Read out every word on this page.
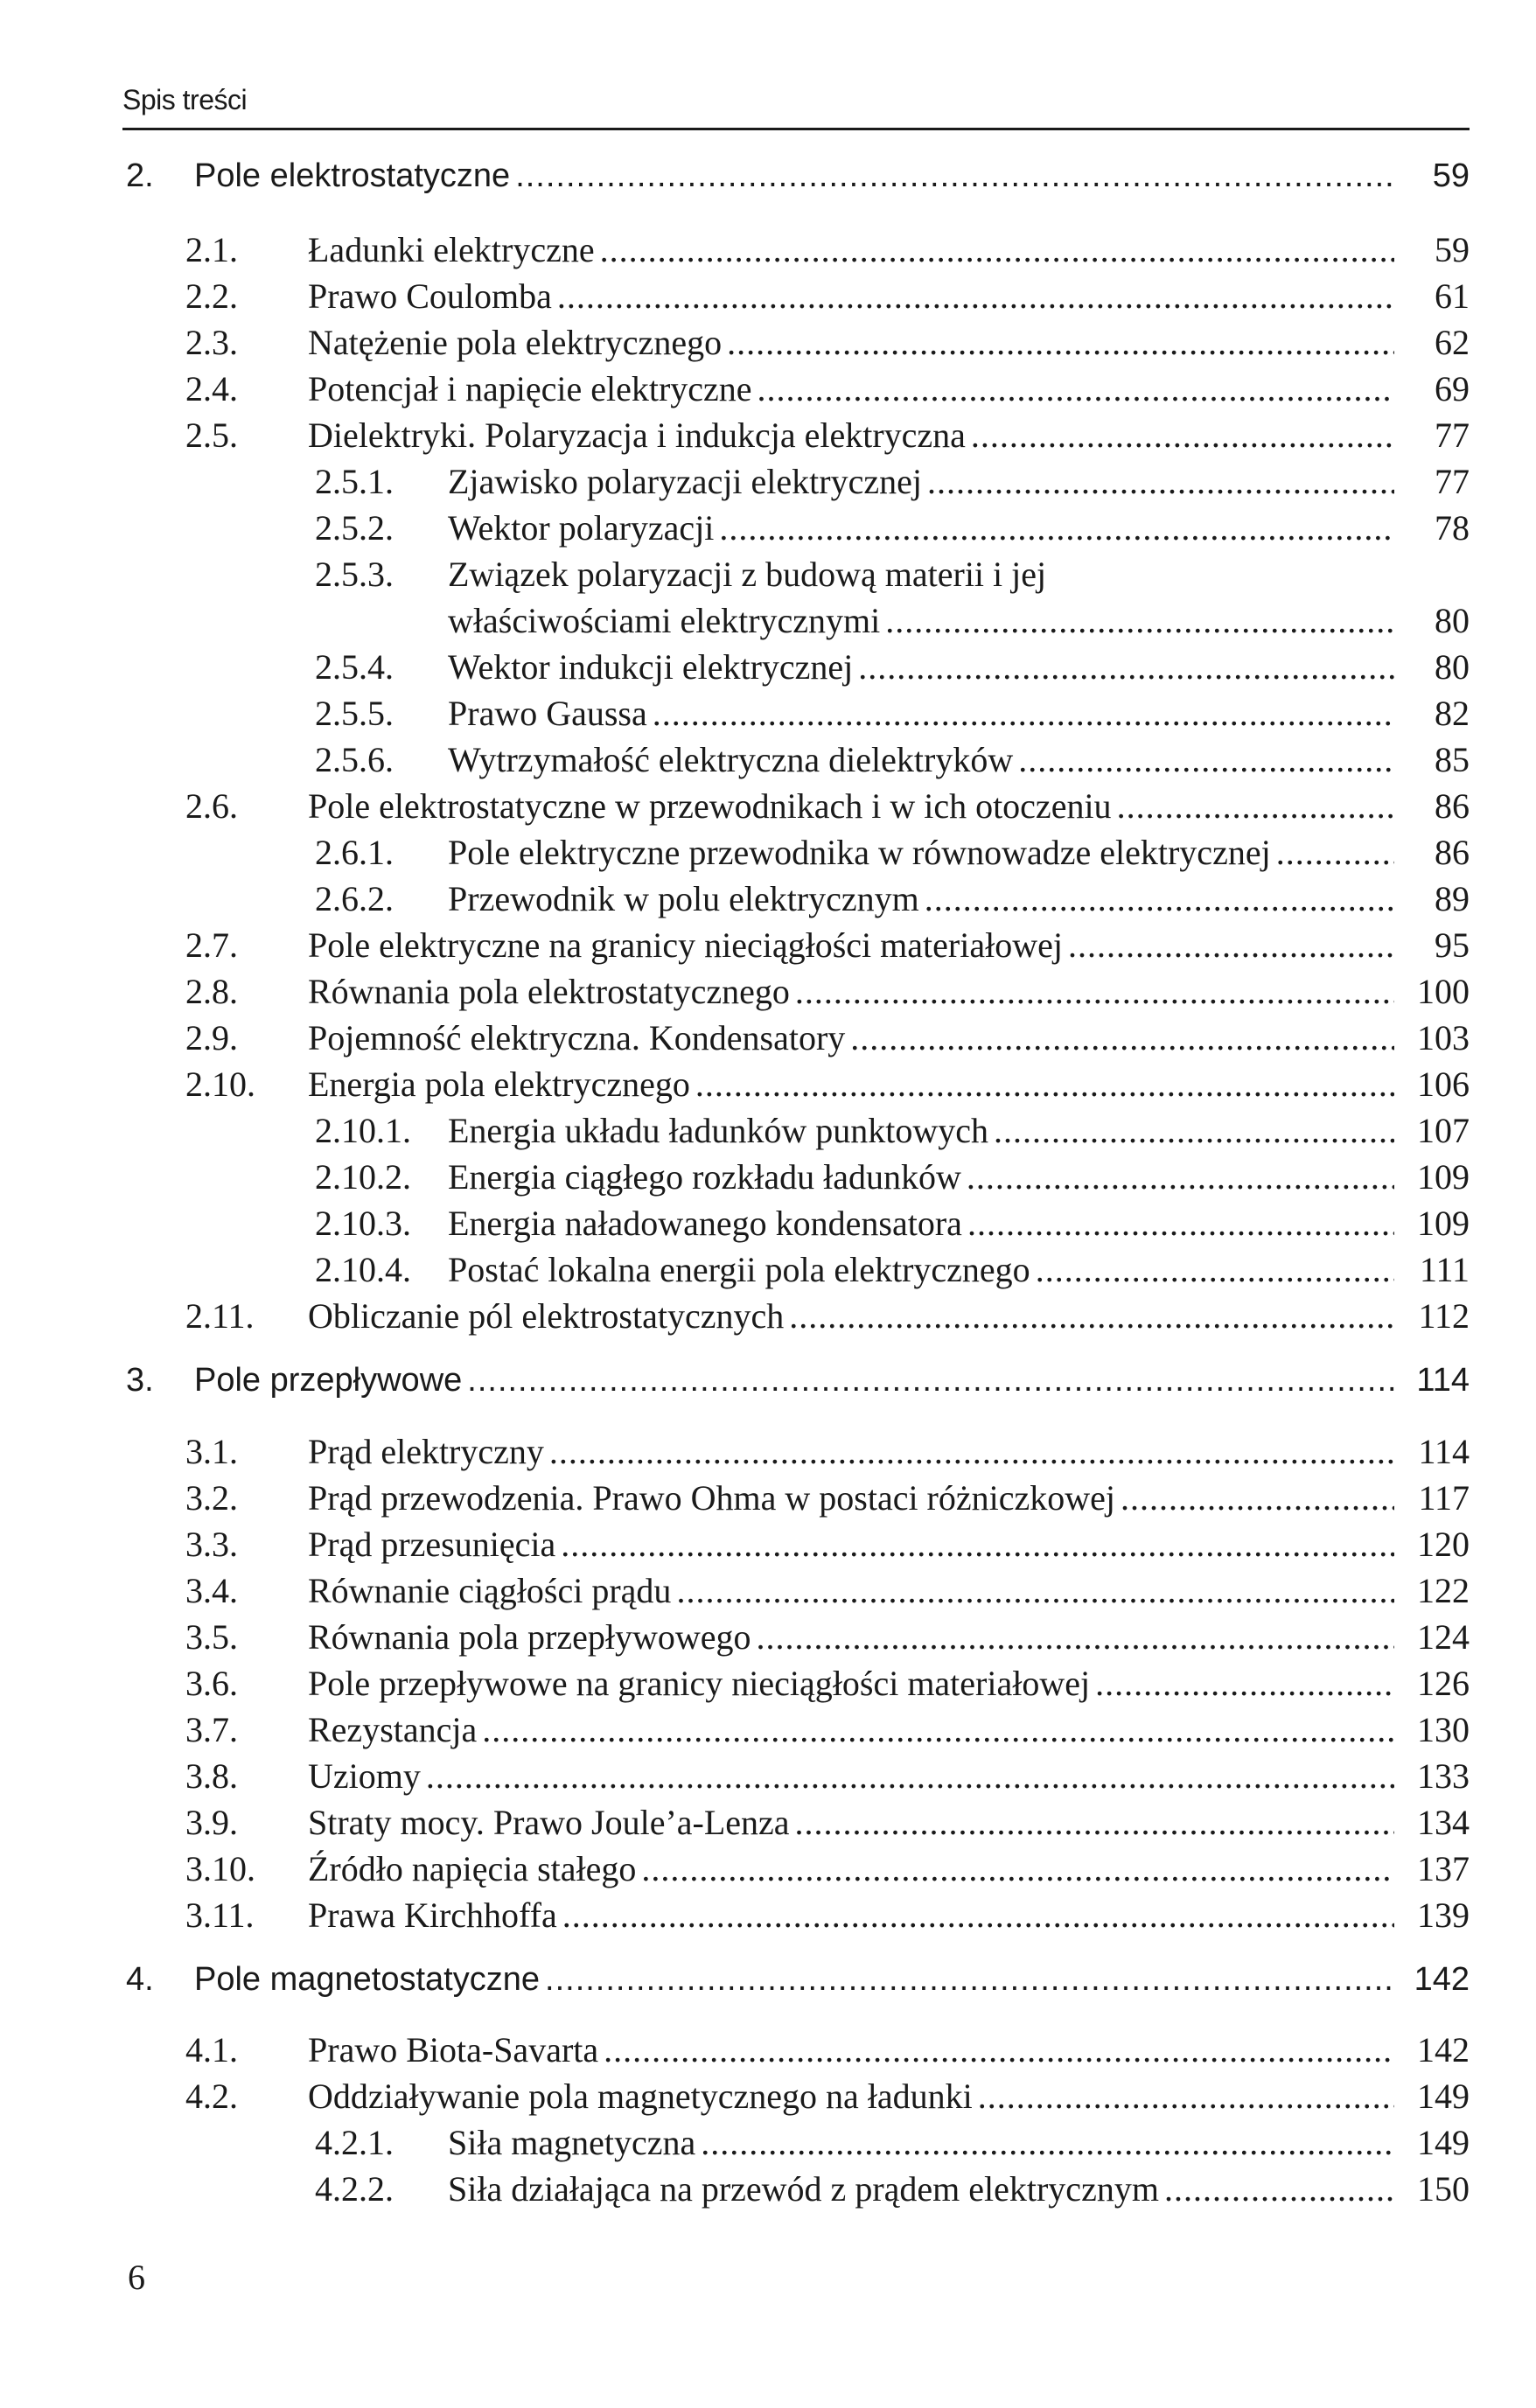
Spis treści
2.	Pole elektrostatyczne .....	59
2.1.	Ładunki elektryczne .....	59
2.2.	Prawo Coulomba .....	61
2.3.	Natężenie pola elektrycznego .....	62
2.4.	Potencjał i napięcie elektryczne .....	69
2.5.	Dielektryki. Polaryzacja i indukcja elektryczna .....	77
2.5.1.	Zjawisko polaryzacji elektrycznej .....	77
2.5.2.	Wektor polaryzacji .....	78
2.5.3.	Związek polaryzacji z budową materii i jej
właściwościami elektrycznymi .....	80
2.5.4.	Wektor indukcji elektrycznej .....	80
2.5.5.	Prawo Gaussa .....	82
2.5.6.	Wytrzymałość elektryczna dielektryków .....	85
2.6.	Pole elektrostatyczne w przewodnikach i w ich otoczeniu .....	86
2.6.1.	Pole elektryczne przewodnika w równowadze elektrycznej .....	86
2.6.2.	Przewodnik w polu elektrycznym .....	89
2.7.	Pole elektryczne na granicy nieciągłości materiałowej .....	95
2.8.	Równania pola elektrostatycznego .....	100
2.9.	Pojemność elektryczna. Kondensatory .....	103
2.10.	Energia pola elektrycznego .....	106
2.10.1.	Energia układu ładunków punktowych .....	107
2.10.2.	Energia ciągłego rozkładu ładunków .....	109
2.10.3.	Energia naładowanego kondensatora .....	109
2.10.4.	Postać lokalna energii pola elektrycznego .....	111
2.11.	Obliczanie pól elektrostatycznych .....	112
3.	Pole przepływowe .....	114
3.1.	Prąd elektryczny .....	114
3.2.	Prąd przewodzenia. Prawo Ohma w postaci różniczkowej .....	117
3.3.	Prąd przesunięcia .....	120
3.4.	Równanie ciągłości prądu .....	122
3.5.	Równania pola przepływowego .....	124
3.6.	Pole przepływowe na granicy nieciągłości materiałowej .....	126
3.7.	Rezystancja .....	130
3.8.	Uziomy .....	133
3.9.	Straty mocy. Prawo Joule’a-Lenza .....	134
3.10.	Źródło napięcia stałego .....	137
3.11.	Prawa Kirchhoffa .....	139
4.	Pole magnetostatyczne .....	142
4.1.	Prawo Biota-Savarta .....	142
4.2.	Oddziaływanie pola magnetycznego na ładunki .....	149
4.2.1.	Siła magnetyczna .....	149
4.2.2.	Siła działająca na przewód z prądem elektrycznym .....	150
6
